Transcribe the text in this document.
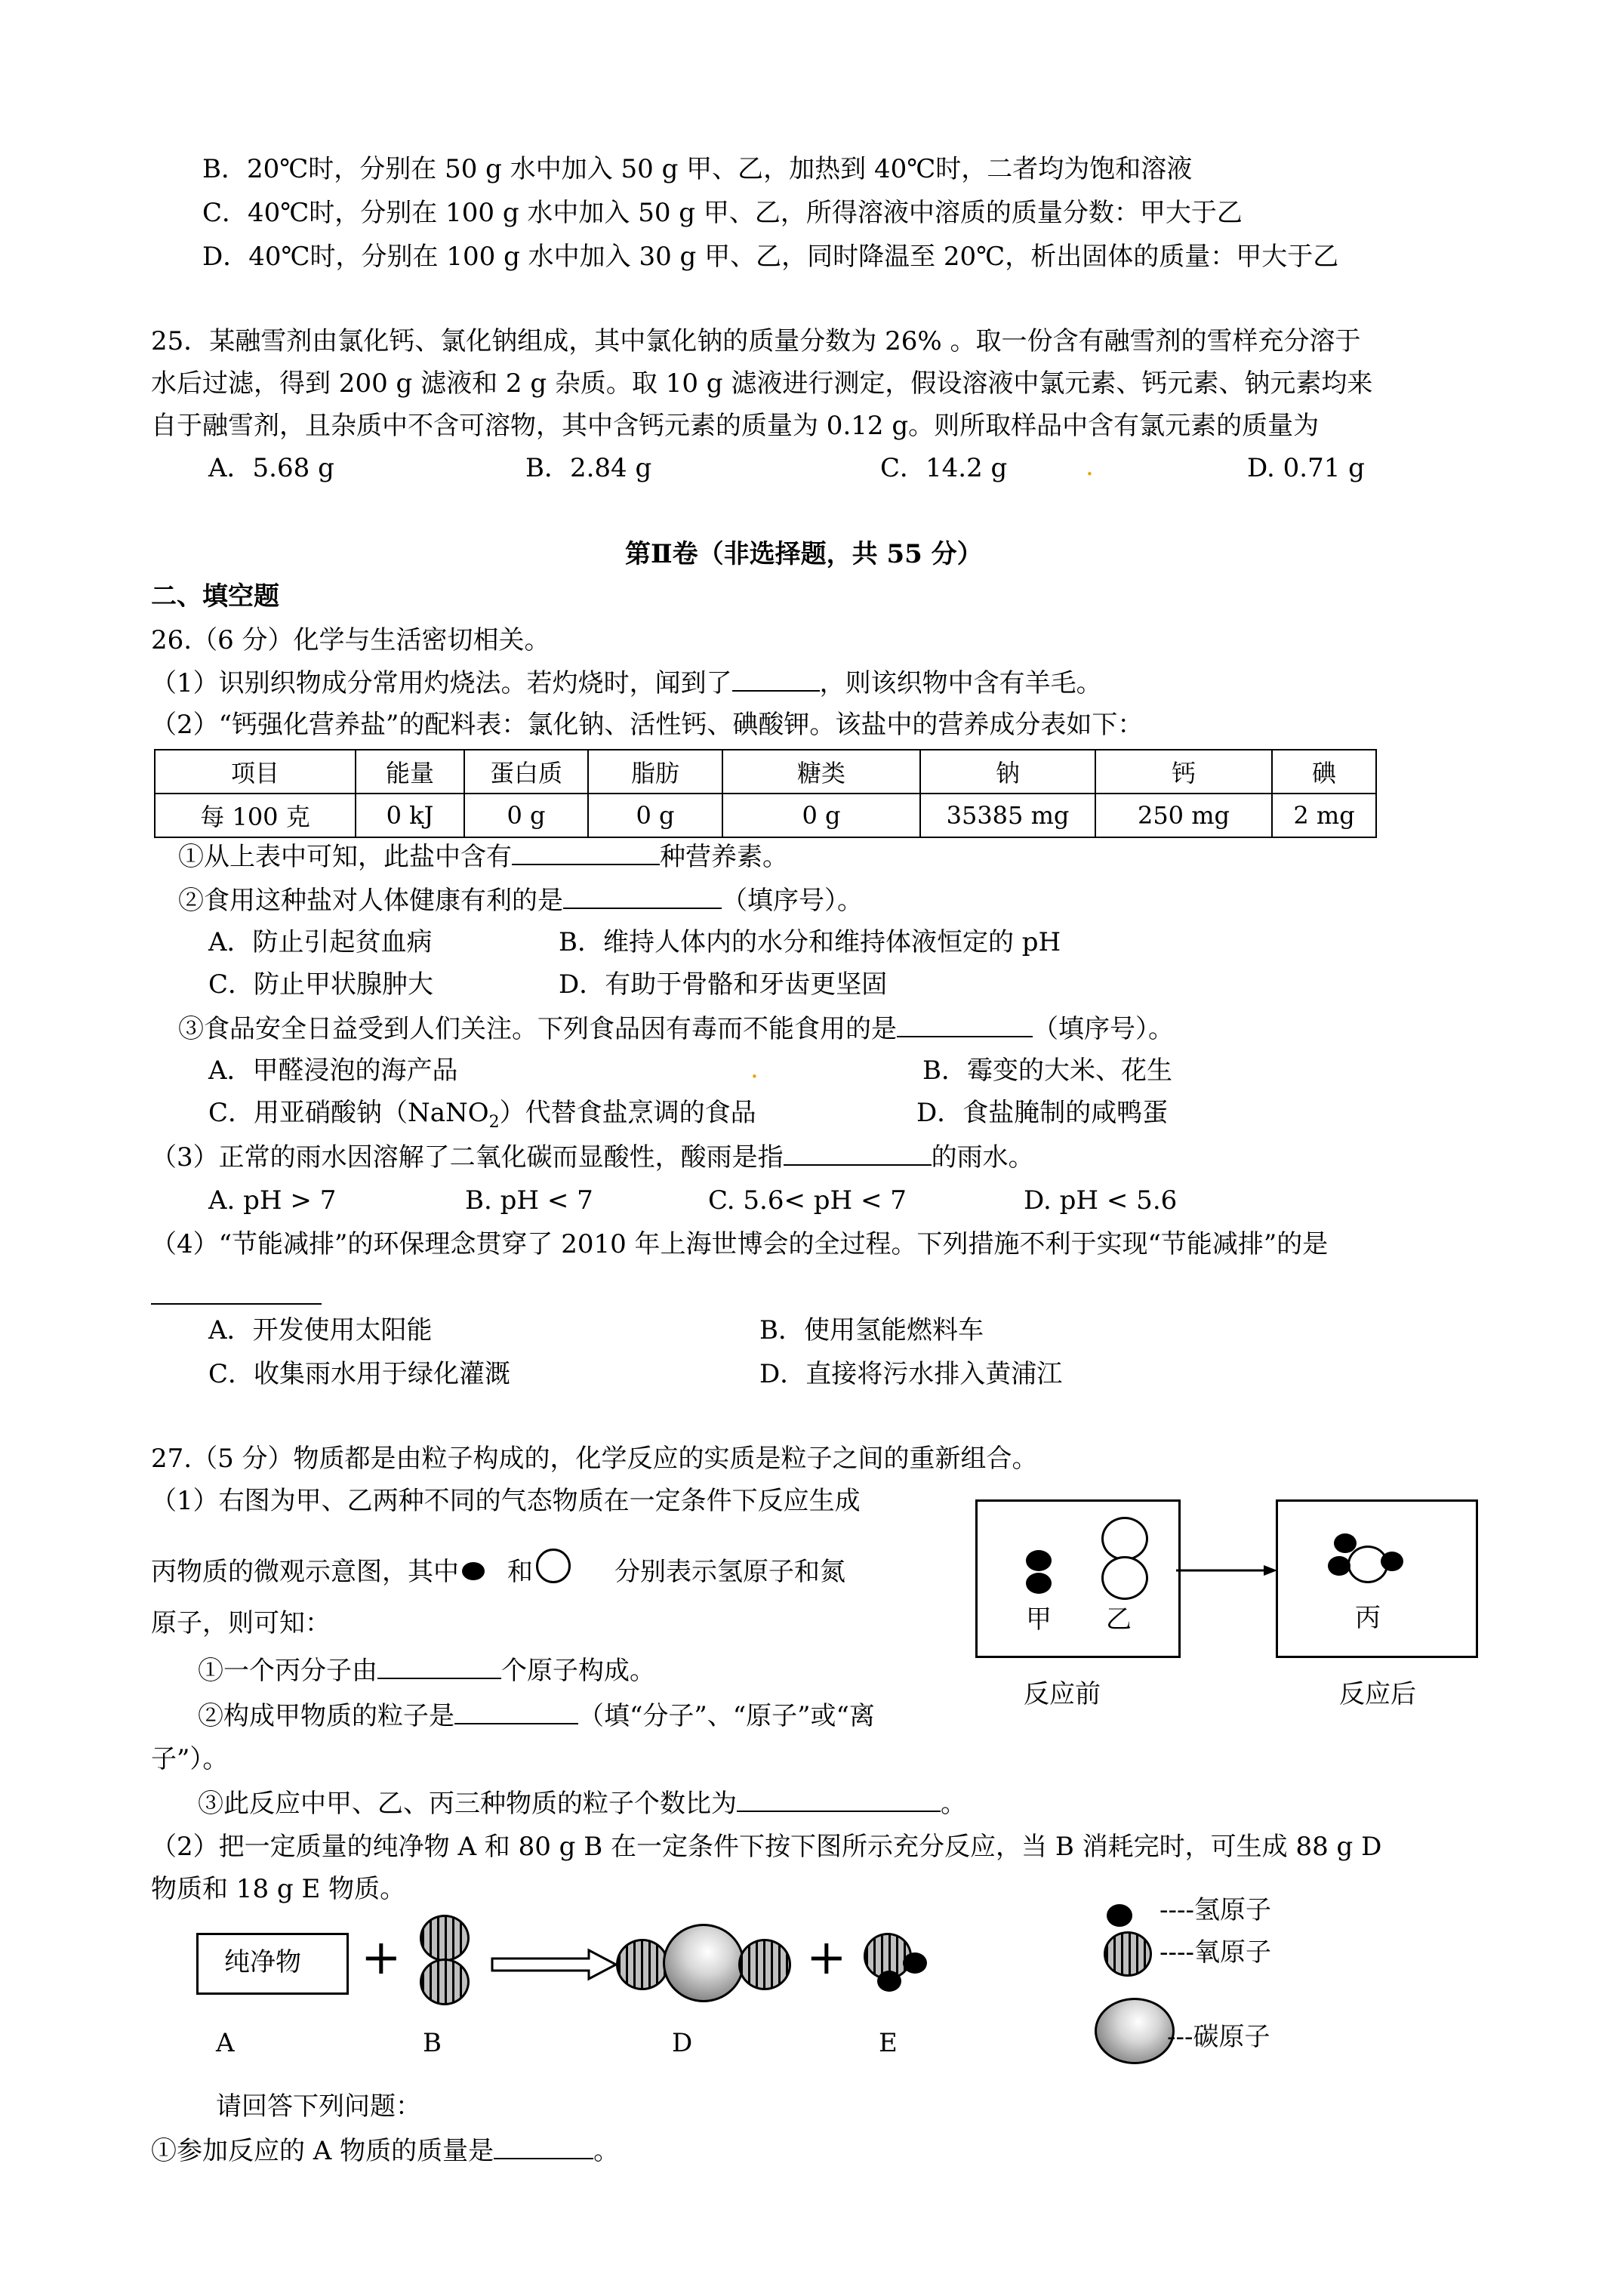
B．20℃时，分别在 50 g 水中加入 50 g 甲、乙，加热到 40℃时，二者均为饱和溶液
C．40℃时，分别在 100 g 水中加入 50 g 甲、乙，所得溶液中溶质的质量分数：甲大于乙
D．40℃时，分别在 100 g 水中加入 30 g 甲、乙，同时降温至 20℃，析出固体的质量：甲大于乙
25．某融雪剂由氯化钙、氯化钠组成，其中氯化钠的质量分数为 26% 。取一份含有融雪剂的雪样充分溶于
水后过滤，得到 200 g 滤液和 2 g 杂质。取 10 g 滤液进行测定，假设溶液中氯元素、钙元素、钠元素均来
自于融雪剂，且杂质中不含可溶物，其中含钙元素的质量为 0.12 g。则所取样品中含有氯元素的质量为
A．5.68 g	B．2.84 g	C．14.2 g	.	D. 0.71 g
第Ⅱ卷（非选择题，共 55 分）
二、填空题
26.（6 分）化学与生活密切相关。
（1）识别织物成分常用灼烧法。若灼烧时，闻到了	，则该织物中含有羊毛。
（2）“钙强化营养盐”的配料表：氯化钠、活性钙、碘酸钾。该盐中的营养成分表如下：
项目	能量	蛋白质	脂肪	糖类	钠	钙	碘
每 100 克	0 kJ	0 g	0 g	0 g	35385 mg	250 mg	2 mg
①从上表中可知，此盐中含有	种营养素。
②食用这种盐对人体健康有利的是	（填序号）。
A．防止引起贫血病	B．维持人体内的水分和维持体液恒定的 pH
C．防止甲状腺肿大	D．有助于骨骼和牙齿更坚固
③食品安全日益受到人们关注。下列食品因有毒而不能食用的是	（填序号）。
A．甲醛浸泡的海产品	.	B．霉变的大米、花生
C．用亚硝酸钠（NaNO$_2$）代替食盐烹调的食品	D．食盐腌制的咸鸭蛋
（3）正常的雨水因溶解了二氧化碳而显酸性，酸雨是指	的雨水。
A. pH > 7	B. pH < 7	C. 5.6< pH < 7	D. pH < 5.6
（4）“节能减排”的环保理念贯穿了 2010 年上海世博会的全过程。下列措施不利于实现“节能减排”的是
A．开发使用太阳能	B．使用氢能燃料车
C．收集雨水用于绿化灌溉	D．直接将污水排入黄浦江
27.（5 分）物质都是由粒子构成的，化学反应的实质是粒子之间的重新组合。
（1）右图为甲、乙两种不同的气态物质在一定条件下反应生成
丙物质的微观示意图，其中 和	分别表示氢原子和氮
原子，则可知：
①一个丙分子由	个原子构成。
②构成甲物质的粒子是	（填“分子”、“原子”或“离
子”）。
③此反应中甲、乙、丙三种物质的粒子个数比为	。
甲 乙	丙
反应前	反应后
（2）把一定质量的纯净物 A 和 80 g B 在一定条件下按下图所示充分反应，当 B 消耗完时，可生成 88 g D
物质和 18 g E 物质。
纯净物 +	+
A	B	D	E
----氢原子
----氧原子
---碳原子
请回答下列问题：
①参加反应的 A 物质的质量是	。
